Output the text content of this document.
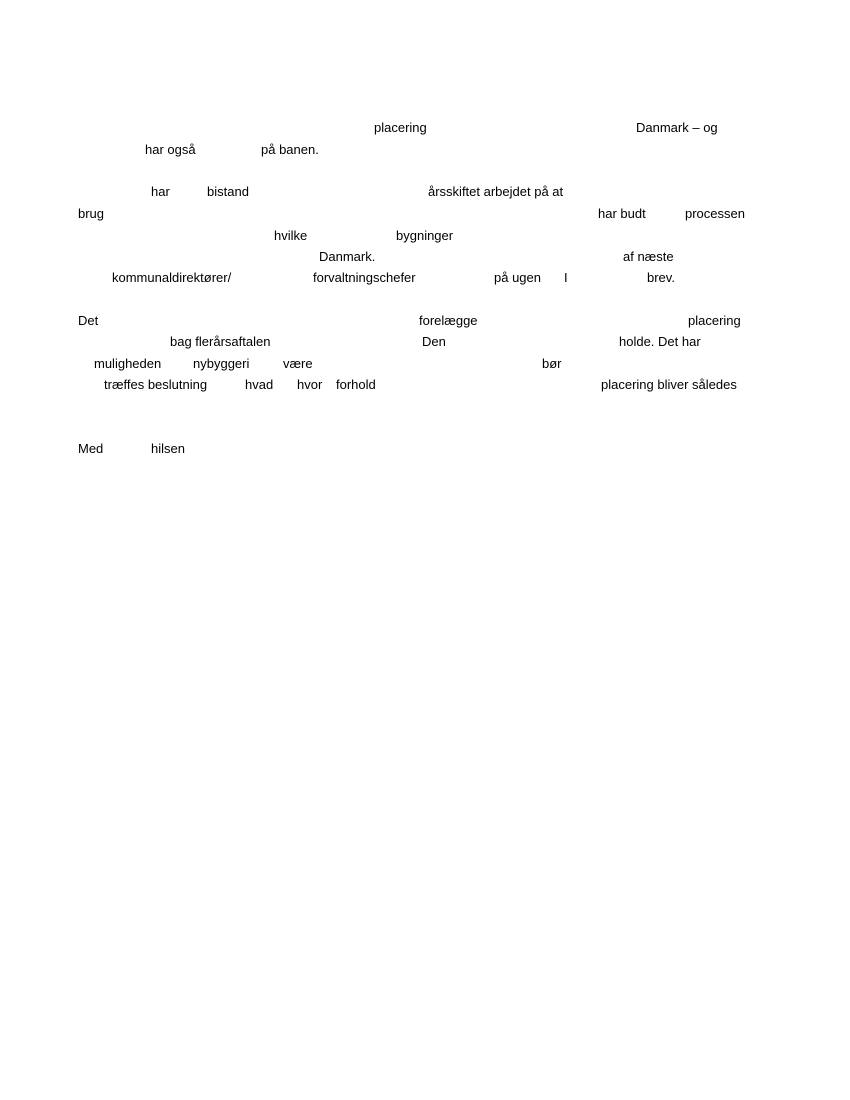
placering	Danmark – og
har også	på banen.
har	bistand	årsskiftet arbejdet på at
brug	har budt	processen
hvilke	bygninger
Danmark.	af næste
kommunaldirektører/	forvaltningschefer	på ugen I	brev.
Det	forelægge	placering
bag flerårsaftalen	Den	holde. Det har
muligheden nybyggeri	være	bør
træffes beslutning	hvad hvor forhold	placering bliver således
Med	hilsen
